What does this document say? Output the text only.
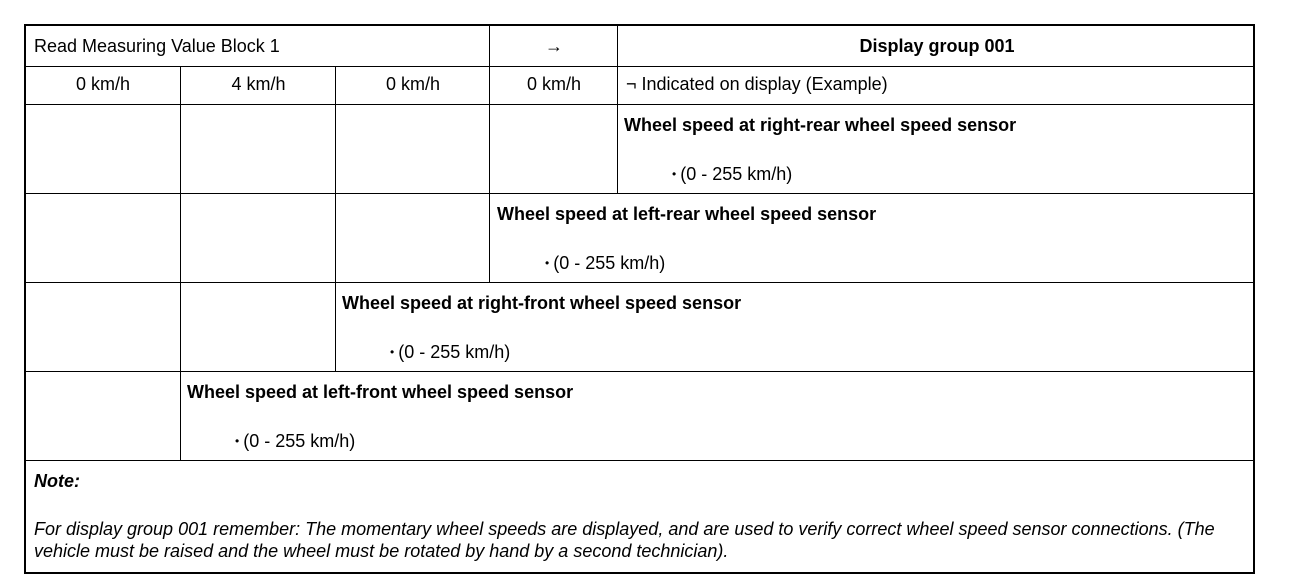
Read Measuring Value Block 1	→	Display group 001
0 km/h	4 km/h	0 km/h	0 km/h	¬ Indicated on display (Example)
Wheel speed at right-rear wheel speed sensor
• (0 - 255 km/h)
Wheel speed at left-rear wheel speed sensor
• (0 - 255 km/h)
Wheel speed at right-front wheel speed sensor
• (0 - 255 km/h)
Wheel speed at left-front wheel speed sensor
• (0 - 255 km/h)
Note:
For display group 001 remember: The momentary wheel speeds are displayed, and are used to verify correct wheel speed sensor connections. (The vehicle must be raised and the wheel must be rotated by hand by a second technician).
